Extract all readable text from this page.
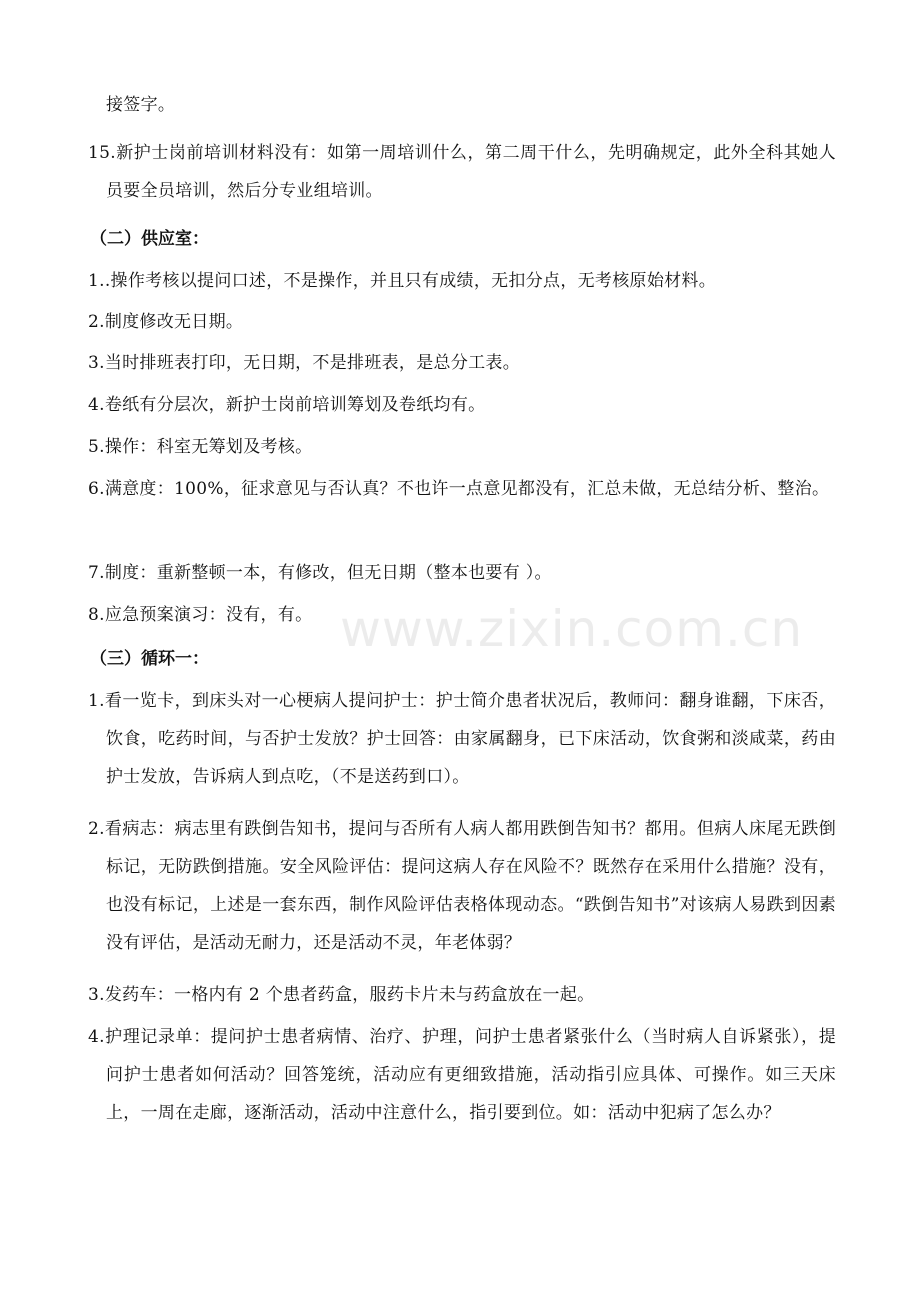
接签字。

15.新护士岗前培训材料没有：如第一周培训什么，第二周干什么，先明确规定，此外全科其她人员要全员培训，然后分专业组培训。

（二）供应室：

1..操作考核以提问口述，不是操作，并且只有成绩，无扣分点，无考核原始材料。

2.制度修改无日期。

3.当时排班表打印，无日期，不是排班表，是总分工表。

4.卷纸有分层次，新护士岗前培训筹划及卷纸均有。

5.操作：科室无筹划及考核。

6.满意度：100%，征求意见与否认真？不也许一点意见都没有，汇总未做，无总结分析、整治。

7.制度：重新整顿一本，有修改，但无日期（整本也要有 ）。

8.应急预案演习：没有，有。

（三）循环一：

1.看一览卡，到床头对一心梗病人提问护士：护士简介患者状况后，教师问：翻身谁翻，下床否，饮食，吃药时间，与否护士发放？护士回答：由家属翻身，已下床活动，饮食粥和淡咸菜，药由护士发放，告诉病人到点吃，（不是送药到口）。

2.看病志：病志里有跌倒告知书，提问与否所有人病人都用跌倒告知书？都用。但病人床尾无跌倒标记，无防跌倒措施。安全风险评估：提问这病人存在风险不？既然存在采用什么措施？没有，也没有标记，上述是一套东西，制作风险评估表格体现动态。“跌倒告知书”对该病人易跌到因素没有评估，是活动无耐力，还是活动不灵，年老体弱？

3.发药车：一格内有 2 个患者药盒，服药卡片未与药盒放在一起。

4.护理记录单：提问护士患者病情、治疗、护理，问护士患者紧张什么（当时病人自诉紧张），提问护士患者如何活动？回答笼统，活动应有更细致措施，活动指引应具体、可操作。如三天床上，一周在走廊，逐渐活动，活动中注意什么，指引要到位。如：活动中犯病了怎么办？

www.zixin.com.cn
